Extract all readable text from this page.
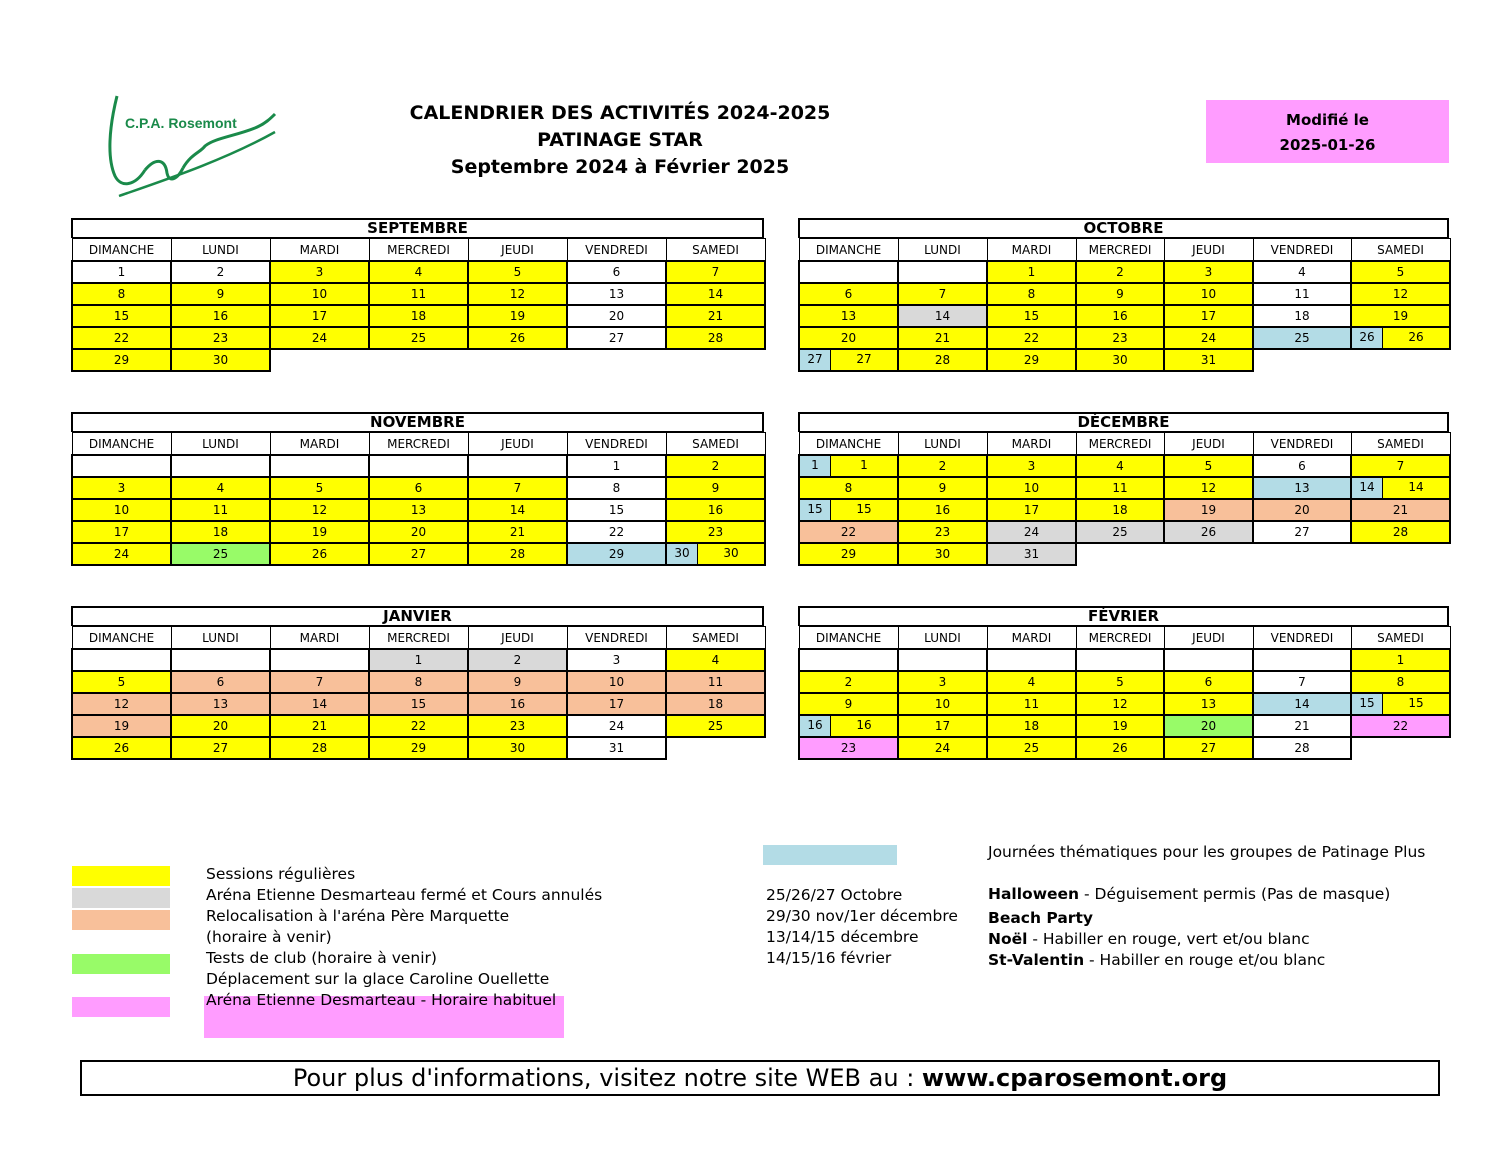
C.P.A. Rosemont	CALENDRIER DES ACTIVITÉS 2024-2025
PATINAGE STAR
Septembre 2024 à Février 2025
Modifié le
2025-01-26
SEPTEMBRE
DIMANCHE	LUNDI	MARDI	MERCREDI	JEUDI	VENDREDI	SAMEDI
1	2	3	4	5	6	7
8	9	10	11	12	13	14
15	16	17	18	19	20	21
22	23	24	25	26	27	28
29	30					
OCTOBRE
DIMANCHE	LUNDI	MARDI	MERCREDI	JEUDI	VENDREDI	SAMEDI
		1	2	3	4	5
6	7	8	9	10	11	12
13	14	15	16	17	18	19
20	21	22	23	24	25	26 26

27 27	28	29	30	31		
NOVEMBRE
DIMANCHE	LUNDI	MARDI	MERCREDI	JEUDI	VENDREDI	SAMEDI
					1	2
3	4	5	6	7	8	9
10	11	12	13	14	15	16
17	18	19	20	21	22	23
24	25	26	27	28	29	30 30
DÉCEMBRE
DIMANCHE	LUNDI	MARDI	MERCREDI	JEUDI	VENDREDI	SAMEDI

1 1	2	3	4	5	6	7
8	9	10	11	12	13	14 14

15 15	16	17	18	19	20	21
22	23	24	25	26	27	28
29	30	31				
JANVIER
DIMANCHE	LUNDI	MARDI	MERCREDI	JEUDI	VENDREDI	SAMEDI
			1	2	3	4
5	6	7	8	9	10	11
12	13	14	15	16	17	18
19	20	21	22	23	24	25
26	27	28	29	30	31	
FÉVRIER
DIMANCHE	LUNDI	MARDI	MERCREDI	JEUDI	VENDREDI	SAMEDI
						1
2	3	4	5	6	7	8
9	10	11	12	13	14	15 15

16 16	17	18	19	20	21	22
23	24	25	26	27	28	
Sessions régulières
Aréna Etienne Desmarteau fermé et Cours annulés
Relocalisation à l'aréna Père Marquette
(horaire à venir)
Tests de club (horaire à venir)
Déplacement sur la glace Caroline Ouellette
Aréna Etienne Desmarteau - Horaire habituel
Journées thématiques pour les groupes de Patinage Plus
25/26/27 Octobre
29/30 nov/1er décembre
13/14/15 décembre
14/15/16 février
Halloween - Déguisement permis (Pas de masque)
Beach Party
Noël - Habiller en rouge, vert et/ou blanc
St-Valentin - Habiller en rouge et/ou blanc
Pour plus d'informations, visitez notre site WEB au : www.cparosemont.org
